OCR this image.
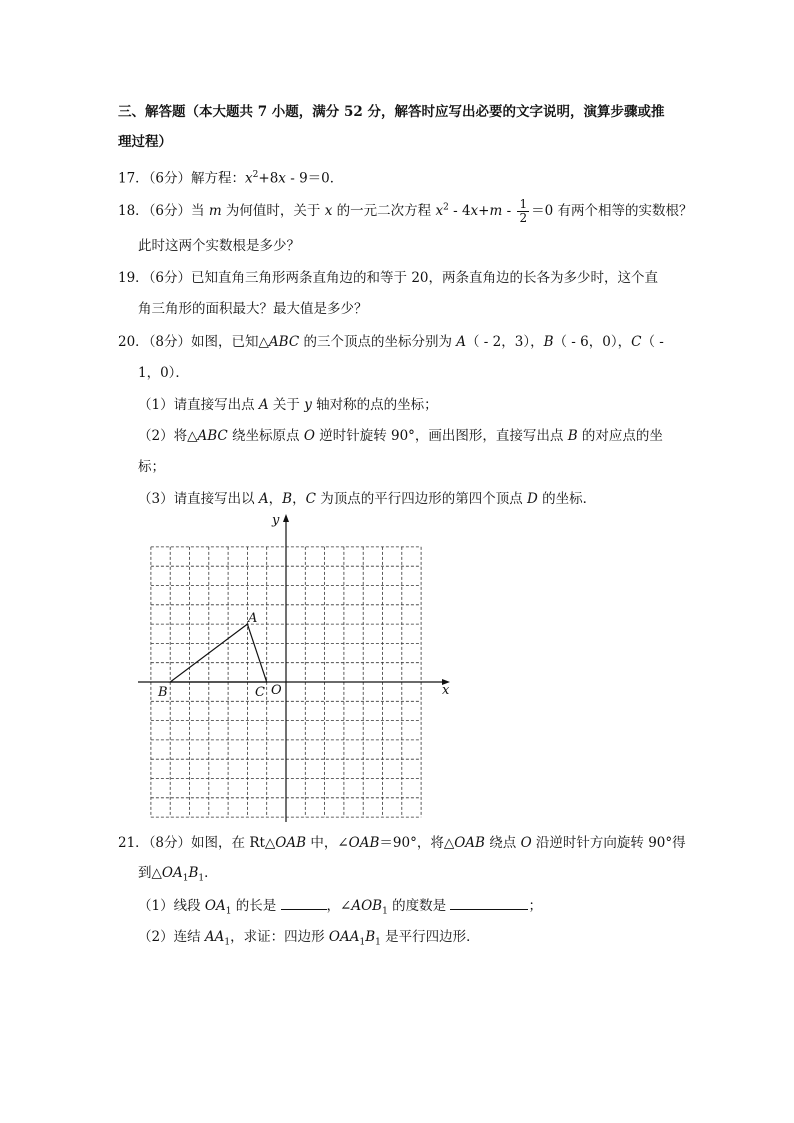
三、解答题（本大题共 7 小题，满分 52 分，解答时应写出必要的文字说明，演算步骤或推
理过程）
17．（6分）解方程：$x^2+8x - 9=0$．
18．（6分）当 m 为何值时，关于 x 的一元二次方程 $x^2 - 4x+m - \frac{1}{2} =0$ 有两个相等的实数根？
此时这两个实数根是多少？
19．（6分）已知直角三角形两条直角边的和等于 20，两条直角边的长各为多少时，这个直
角三角形的面积最大？最大值是多少？
20．（8分）如图，已知△ABC 的三个顶点的坐标分别为 A（ - 2，3），B（ - 6，0），C（ -
1，0）．
（1）请直接写出点 A 关于 y 轴对称的点的坐标；
（2）将△ABC 绕坐标原点 O 逆时针旋转 90°，画出图形，直接写出点 B 的对应点的坐
标；
（3）请直接写出以 A，B，C 为顶点的平行四边形的第四个顶点 D 的坐标．
y
x
A
B	C O
21．（8分）如图，在 Rt△OAB 中，∠OAB＝90°，将△OAB 绕点 O 沿逆时针方向旋转 90°得
到$\triangle OA_1B_1$．
（1）线段 $OA_1$ 的长是	，$\angle AOB_1$ 的度数是	；
（2）连结 $AA_1$，求证：四边形 $OAA_1B_1$ 是平行四边形．
